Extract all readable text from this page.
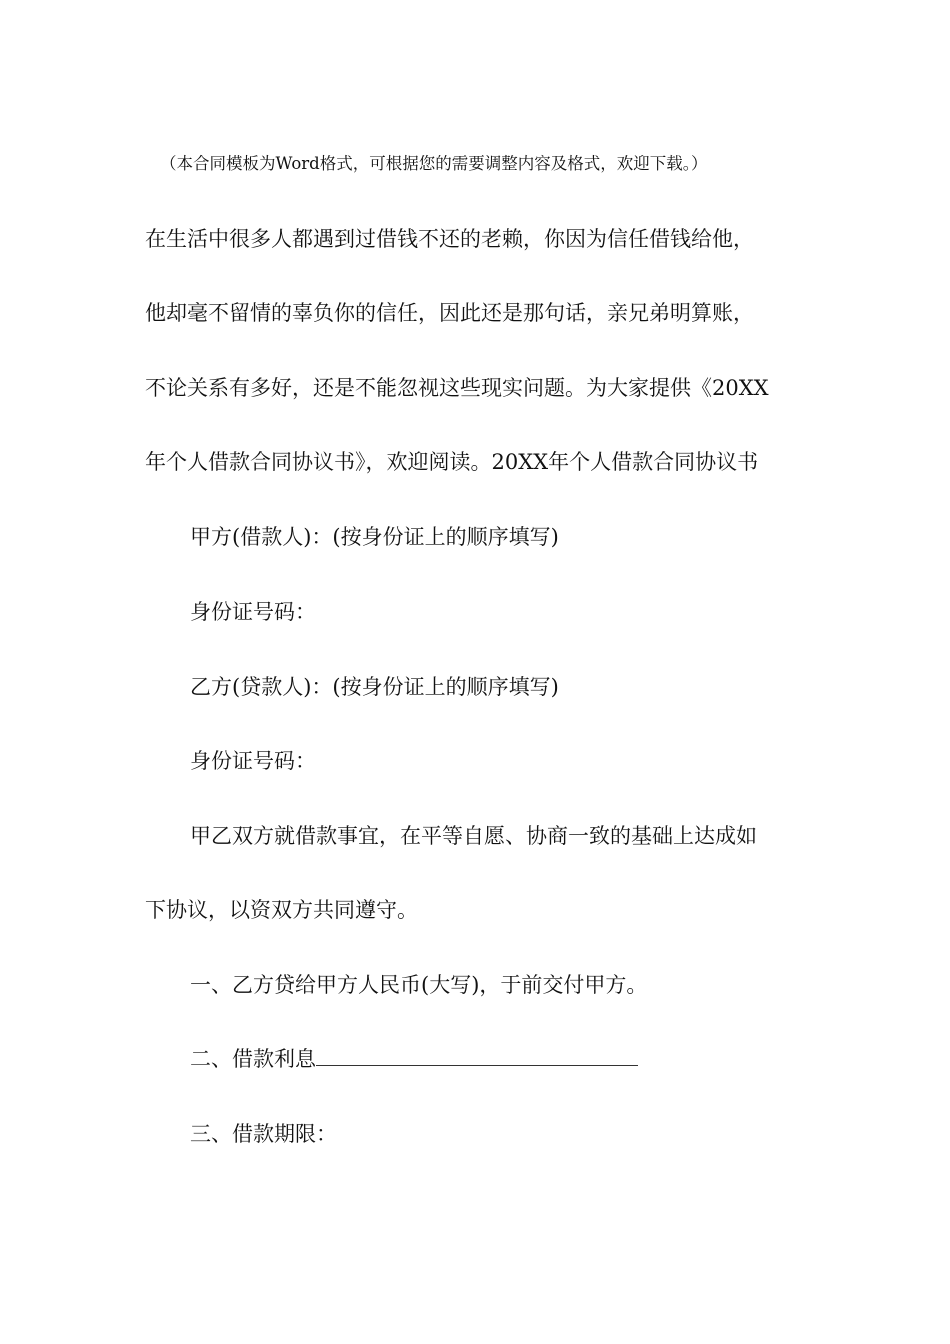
（本合同模板为Word格式，可根据您的需要调整内容及格式，欢迎下载。）
在生活中很多人都遇到过借钱不还的老赖，你因为信任借钱给他，
他却毫不留情的辜负你的信任，因此还是那句话，亲兄弟明算账，
不论关系有多好，还是不能忽视这些现实问题。为大家提供《20XX
年个人借款合同协议书》，欢迎阅读。20XX年个人借款合同协议书
甲方(借款人)：(按身份证上的顺序填写)
身份证号码：
乙方(贷款人)：(按身份证上的顺序填写)
身份证号码：
甲乙双方就借款事宜，在平等自愿、协商一致的基础上达成如
下协议，以资双方共同遵守。
一、乙方贷给甲方人民币(大写)，于前交付甲方。
二、借款利息
三、借款期限：
